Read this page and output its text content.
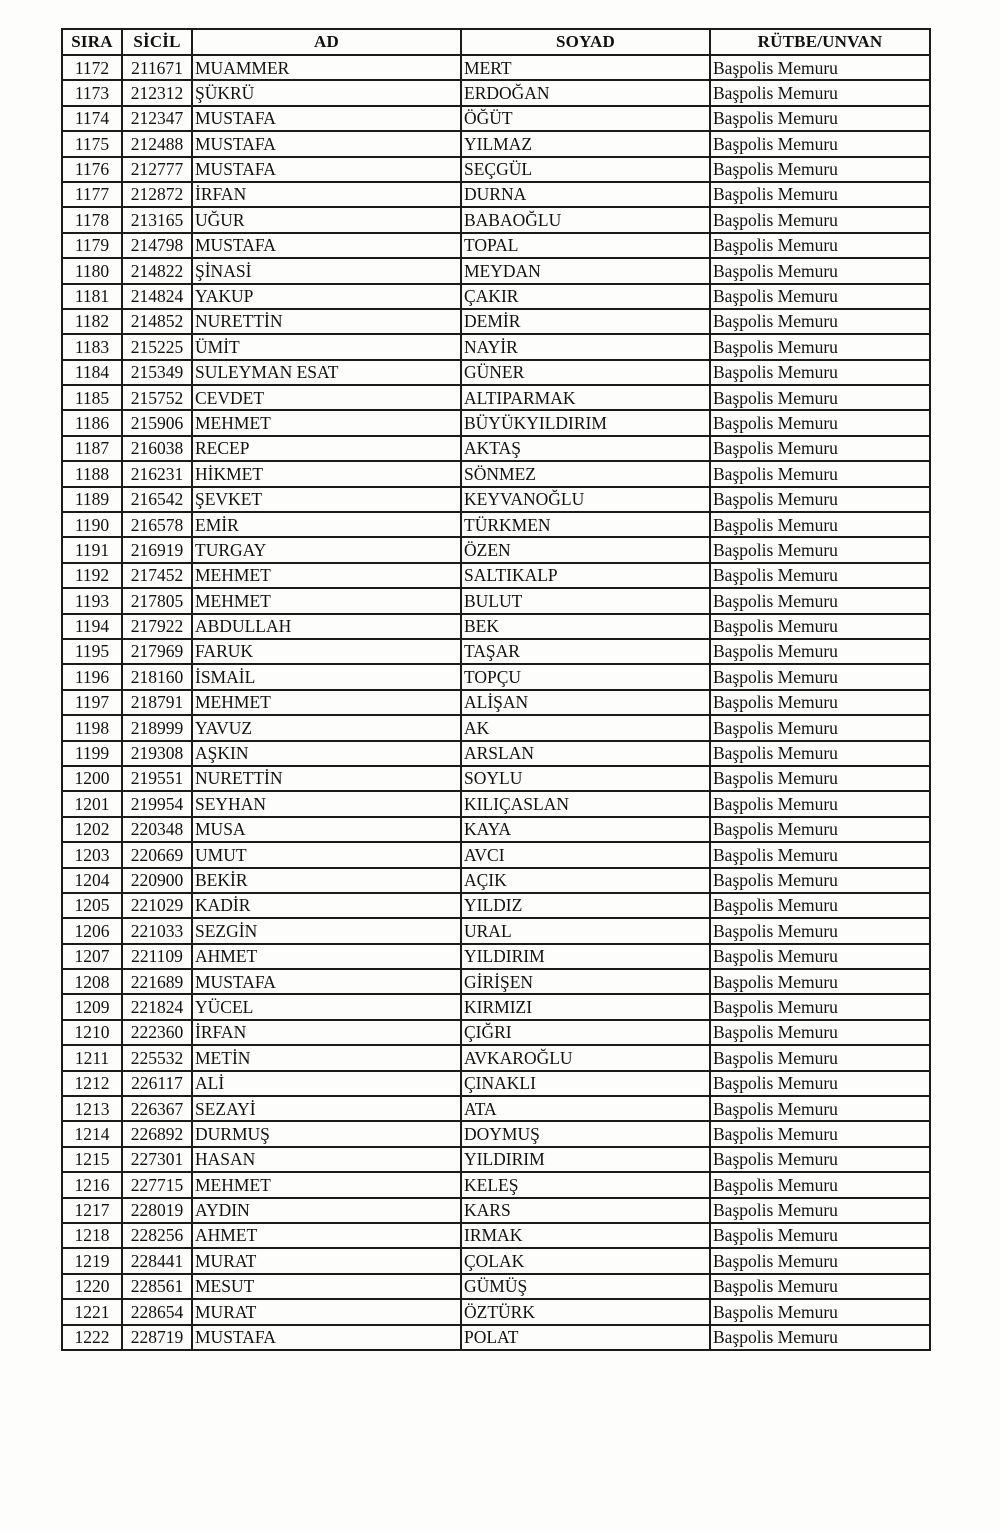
SIRA	SİCİL	AD	SOYAD	RÜTBE/UNVAN
1172	211671	MUAMMER	MERT	Başpolis Memuru
1173	212312	ŞÜKRÜ	ERDOĞAN	Başpolis Memuru
1174	212347	MUSTAFA	ÖĞÜT	Başpolis Memuru
1175	212488	MUSTAFA	YILMAZ	Başpolis Memuru
1176	212777	MUSTAFA	SEÇGÜL	Başpolis Memuru
1177	212872	İRFAN	DURNA	Başpolis Memuru
1178	213165	UĞUR	BABAOĞLU	Başpolis Memuru
1179	214798	MUSTAFA	TOPAL	Başpolis Memuru
1180	214822	ŞİNASİ	MEYDAN	Başpolis Memuru
1181	214824	YAKUP	ÇAKIR	Başpolis Memuru
1182	214852	NURETTİN	DEMİR	Başpolis Memuru
1183	215225	ÜMİT	NAYİR	Başpolis Memuru
1184	215349	SULEYMAN ESAT	GÜNER	Başpolis Memuru
1185	215752	CEVDET	ALTIPARMAK	Başpolis Memuru
1186	215906	MEHMET	BÜYÜKYILDIRIM	Başpolis Memuru
1187	216038	RECEP	AKTAŞ	Başpolis Memuru
1188	216231	HİKMET	SÖNMEZ	Başpolis Memuru
1189	216542	ŞEVKET	KEYVANOĞLU	Başpolis Memuru
1190	216578	EMİR	TÜRKMEN	Başpolis Memuru
1191	216919	TURGAY	ÖZEN	Başpolis Memuru
1192	217452	MEHMET	SALTIKALP	Başpolis Memuru
1193	217805	MEHMET	BULUT	Başpolis Memuru
1194	217922	ABDULLAH	BEK	Başpolis Memuru
1195	217969	FARUK	TAŞAR	Başpolis Memuru
1196	218160	İSMAİL	TOPÇU	Başpolis Memuru
1197	218791	MEHMET	ALİŞAN	Başpolis Memuru
1198	218999	YAVUZ	AK	Başpolis Memuru
1199	219308	AŞKIN	ARSLAN	Başpolis Memuru
1200	219551	NURETTİN	SOYLU	Başpolis Memuru
1201	219954	SEYHAN	KILIÇASLAN	Başpolis Memuru
1202	220348	MUSA	KAYA	Başpolis Memuru
1203	220669	UMUT	AVCI	Başpolis Memuru
1204	220900	BEKİR	AÇIK	Başpolis Memuru
1205	221029	KADİR	YILDIZ	Başpolis Memuru
1206	221033	SEZGİN	URAL	Başpolis Memuru
1207	221109	AHMET	YILDIRIM	Başpolis Memuru
1208	221689	MUSTAFA	GİRİŞEN	Başpolis Memuru
1209	221824	YÜCEL	KIRMIZI	Başpolis Memuru
1210	222360	İRFAN	ÇIĞRI	Başpolis Memuru
1211	225532	METİN	AVKAROĞLU	Başpolis Memuru
1212	226117	ALİ	ÇINAKLI	Başpolis Memuru
1213	226367	SEZAYİ	ATA	Başpolis Memuru
1214	226892	DURMUŞ	DOYMUŞ	Başpolis Memuru
1215	227301	HASAN	YILDIRIM	Başpolis Memuru
1216	227715	MEHMET	KELEŞ	Başpolis Memuru
1217	228019	AYDIN	KARS	Başpolis Memuru
1218	228256	AHMET	IRMAK	Başpolis Memuru
1219	228441	MURAT	ÇOLAK	Başpolis Memuru
1220	228561	MESUT	GÜMÜŞ	Başpolis Memuru
1221	228654	MURAT	ÖZTÜRK	Başpolis Memuru
1222	228719	MUSTAFA	POLAT	Başpolis Memuru
